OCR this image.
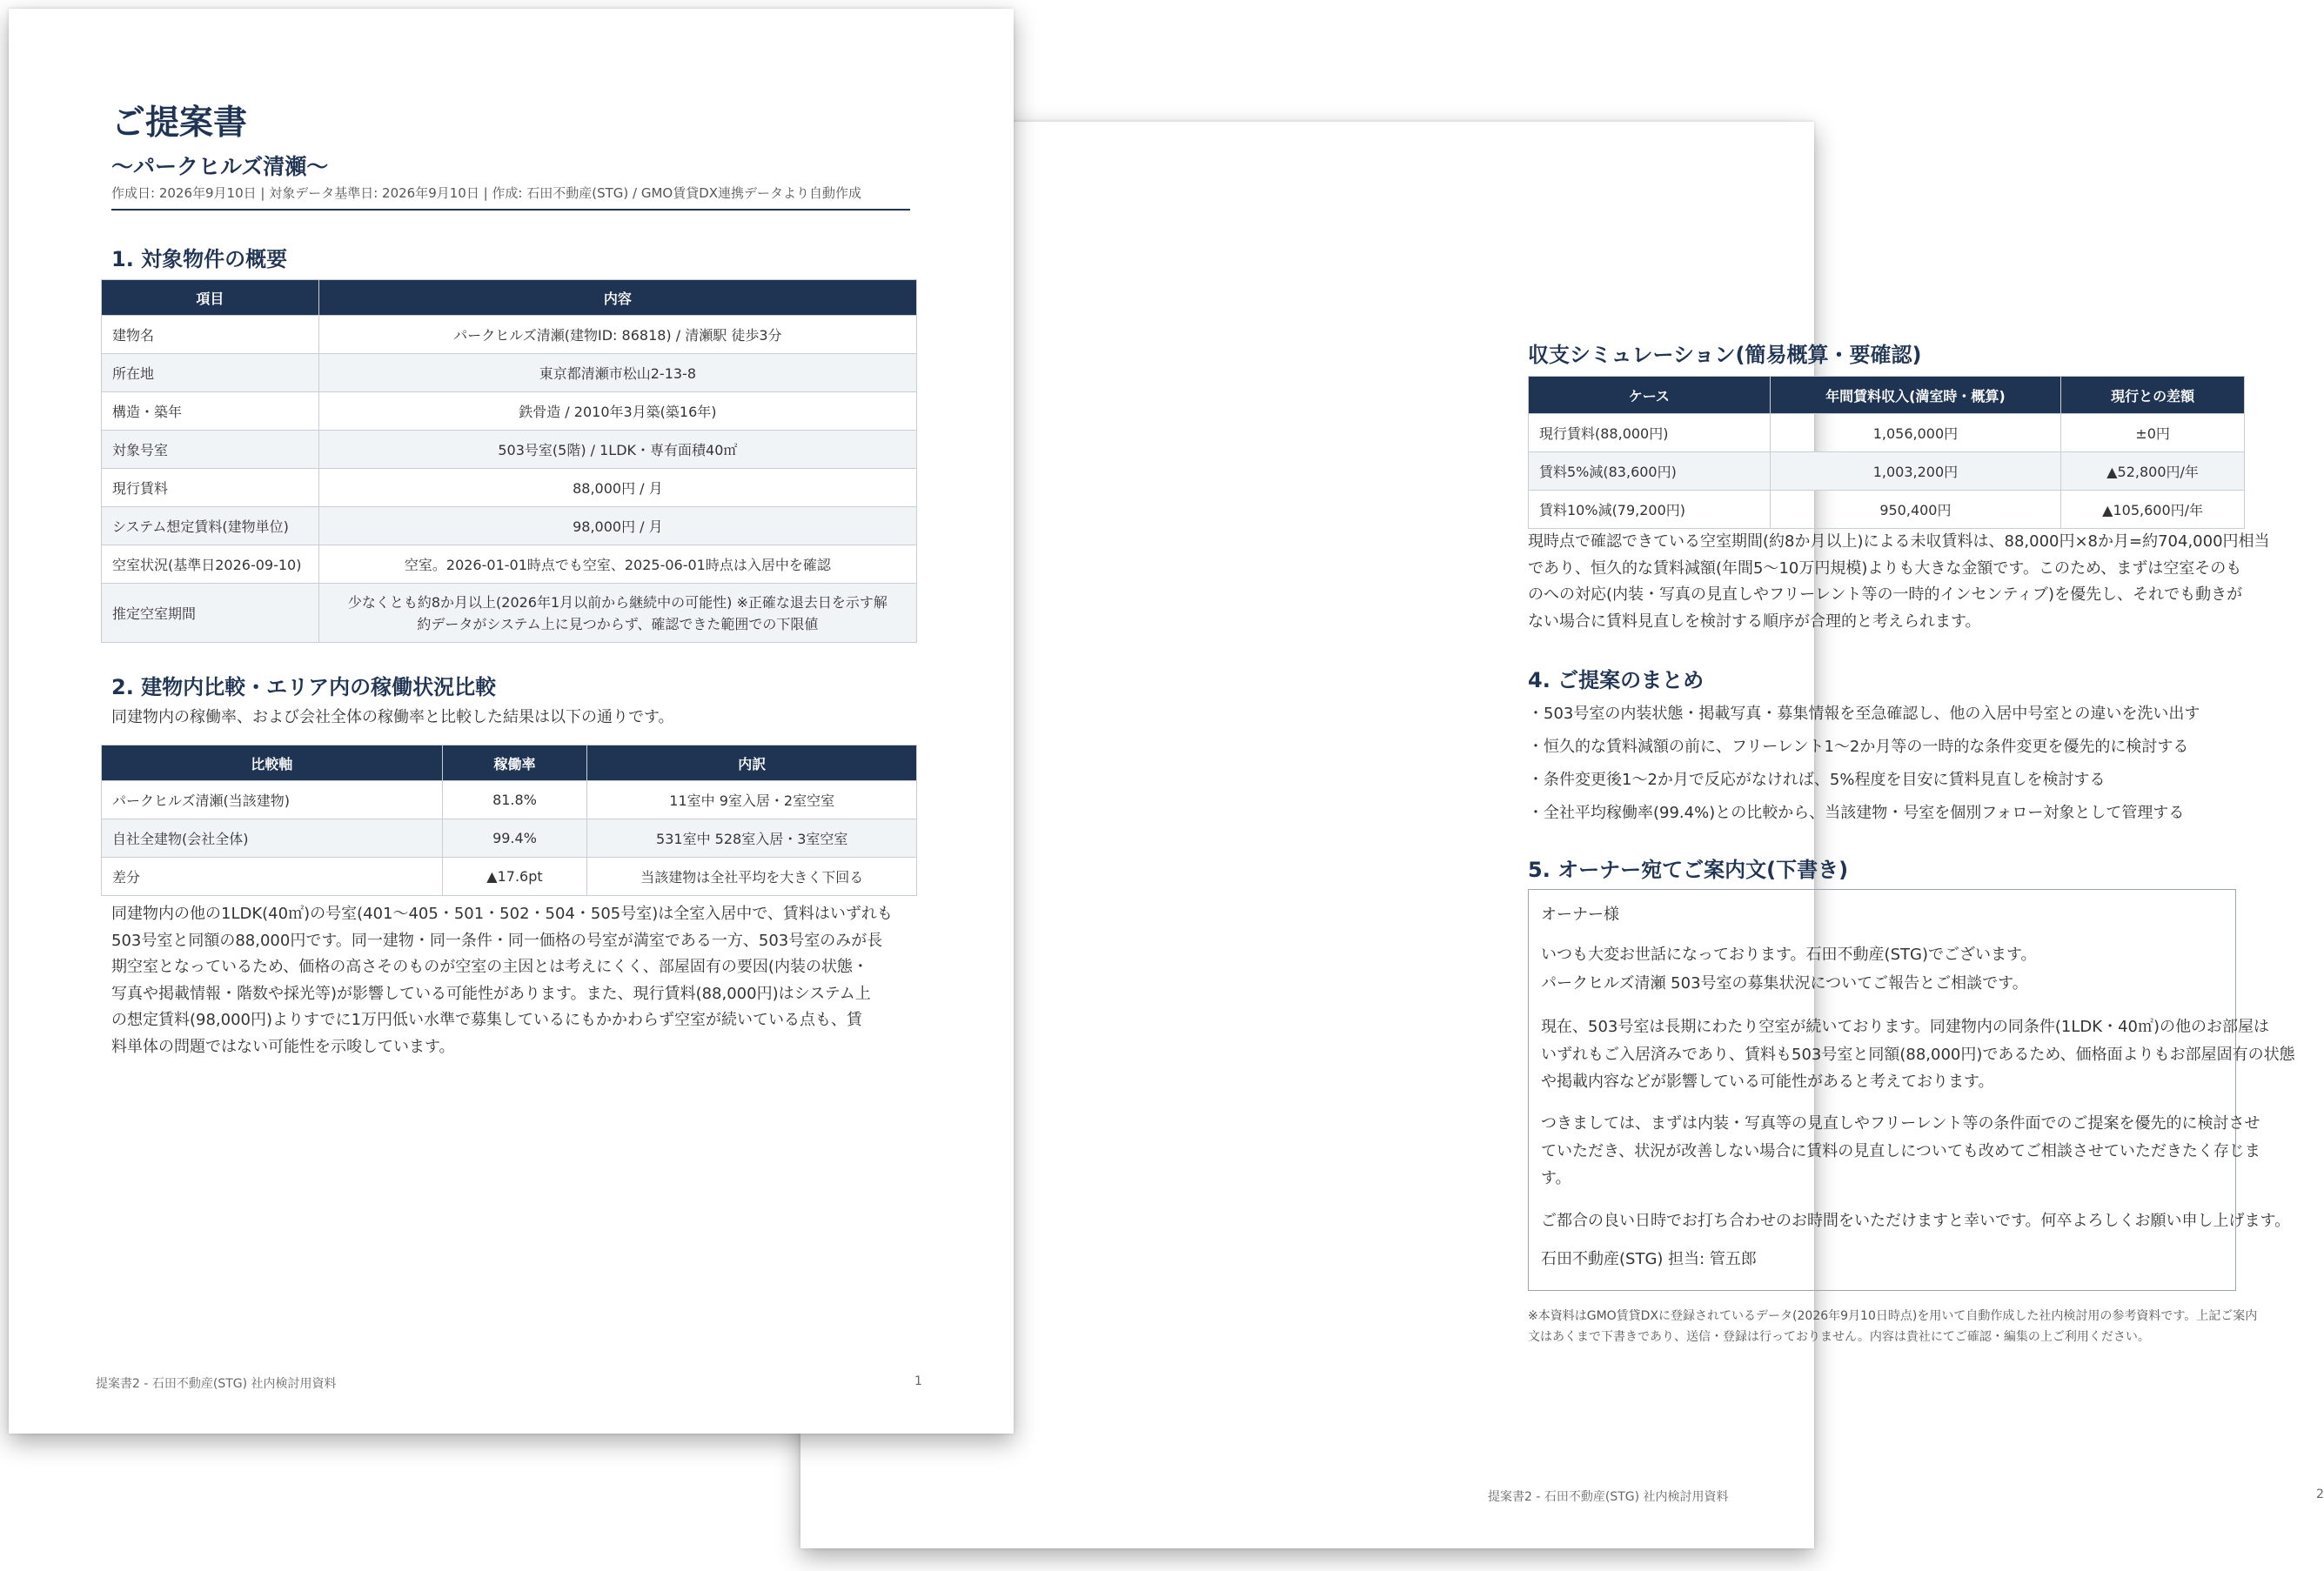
収支シミュレーション(簡易概算・要確認)
ケース	年間賃料収入(満室時・概算)	現行との差額
現行賃料(88,000円)	1,056,000円	±0円
賃料5%減(83,600円)	1,003,200円	▲52,800円/年
賃料10%減(79,200円)	950,400円	▲105,600円/年
現時点で確認できている空室期間(約8か月以上)による未収賃料は、88,000円×8か月=約704,000円相当
であり、恒久的な賃料減額(年間5〜10万円規模)よりも大きな金額です。このため、まずは空室そのも
のへの対応(内装・写真の見直しやフリーレント等の一時的インセンティブ)を優先し、それでも動きが
ない場合に賃料見直しを検討する順序が合理的と考えられます。
4. ご提案のまとめ
・503号室の内装状態・掲載写真・募集情報を至急確認し、他の入居中号室との違いを洗い出す
・恒久的な賃料減額の前に、フリーレント1〜2か月等の一時的な条件変更を優先的に検討する
・条件変更後1〜2か月で反応がなければ、5%程度を目安に賃料見直しを検討する
・全社平均稼働率(99.4%)との比較から、当該建物・号室を個別フォロー対象として管理する
5. オーナー宛てご案内文(下書き)
オーナー様
いつも大変お世話になっております。石田不動産(STG)でございます。
パークヒルズ清瀬 503号室の募集状況についてご報告とご相談です。
現在、503号室は長期にわたり空室が続いております。同建物内の同条件(1LDK・40㎡)の他のお部屋は
いずれもご入居済みであり、賃料も503号室と同額(88,000円)であるため、価格面よりもお部屋固有の状態
や掲載内容などが影響している可能性があると考えております。
つきましては、まずは内装・写真等の見直しやフリーレント等の条件面でのご提案を優先的に検討させ
ていただき、状況が改善しない場合に賃料の見直しについても改めてご相談させていただきたく存じま
す。
ご都合の良い日時でお打ち合わせのお時間をいただけますと幸いです。何卒よろしくお願い申し上げます。
石田不動産(STG) 担当: 管五郎
※本資料はGMO賃貸DXに登録されているデータ(2026年9月10日時点)を用いて自動作成した社内検討用の参考資料です。上記ご案内
文はあくまで下書きであり、送信・登録は行っておりません。内容は貴社にてご確認・編集の上ご利用ください。
提案書2 - 石田不動産(STG) 社内検討用資料	2
ご提案書
〜パークヒルズ清瀬〜
作成日: 2026年9月10日 | 対象データ基準日: 2026年9月10日 | 作成: 石田不動産(STG) / GMO賃貸DX連携データより自動作成
1. 対象物件の概要
項目	内容
建物名	パークヒルズ清瀬(建物ID: 86818) / 清瀬駅 徒歩3分
所在地	東京都清瀬市松山2-13-8
構造・築年	鉄骨造 / 2010年3月築(築16年)
対象号室	503号室(5階) / 1LDK・専有面積40㎡
現行賃料	88,000円 / 月
システム想定賃料(建物単位)	98,000円 / 月
空室状況(基準日2026-09-10)	空室。2026-01-01時点でも空室、2025-06-01時点は入居中を確認
推定空室期間	少なくとも約8か月以上(2026年1月以前から継続中の可能性) ※正確な退去日を示す解
約データがシステム上に見つからず、確認できた範囲での下限値
2. 建物内比較・エリア内の稼働状況比較
同建物内の稼働率、および会社全体の稼働率と比較した結果は以下の通りです。
比較軸	稼働率	内訳
パークヒルズ清瀬(当該建物)	81.8%	11室中 9室入居・2室空室
自社全建物(会社全体)	99.4%	531室中 528室入居・3室空室
差分	▲17.6pt	当該建物は全社平均を大きく下回る
同建物内の他の1LDK(40㎡)の号室(401〜405・501・502・504・505号室)は全室入居中で、賃料はいずれも
503号室と同額の88,000円です。同一建物・同一条件・同一価格の号室が満室である一方、503号室のみが長
期空室となっているため、価格の高さそのものが空室の主因とは考えにくく、部屋固有の要因(内装の状態・
写真や掲載情報・階数や採光等)が影響している可能性があります。また、現行賃料(88,000円)はシステム上
の想定賃料(98,000円)よりすでに1万円低い水準で募集しているにもかかわらず空室が続いている点も、賃
料単体の問題ではない可能性を示唆しています。
提案書2 - 石田不動産(STG) 社内検討用資料	1
